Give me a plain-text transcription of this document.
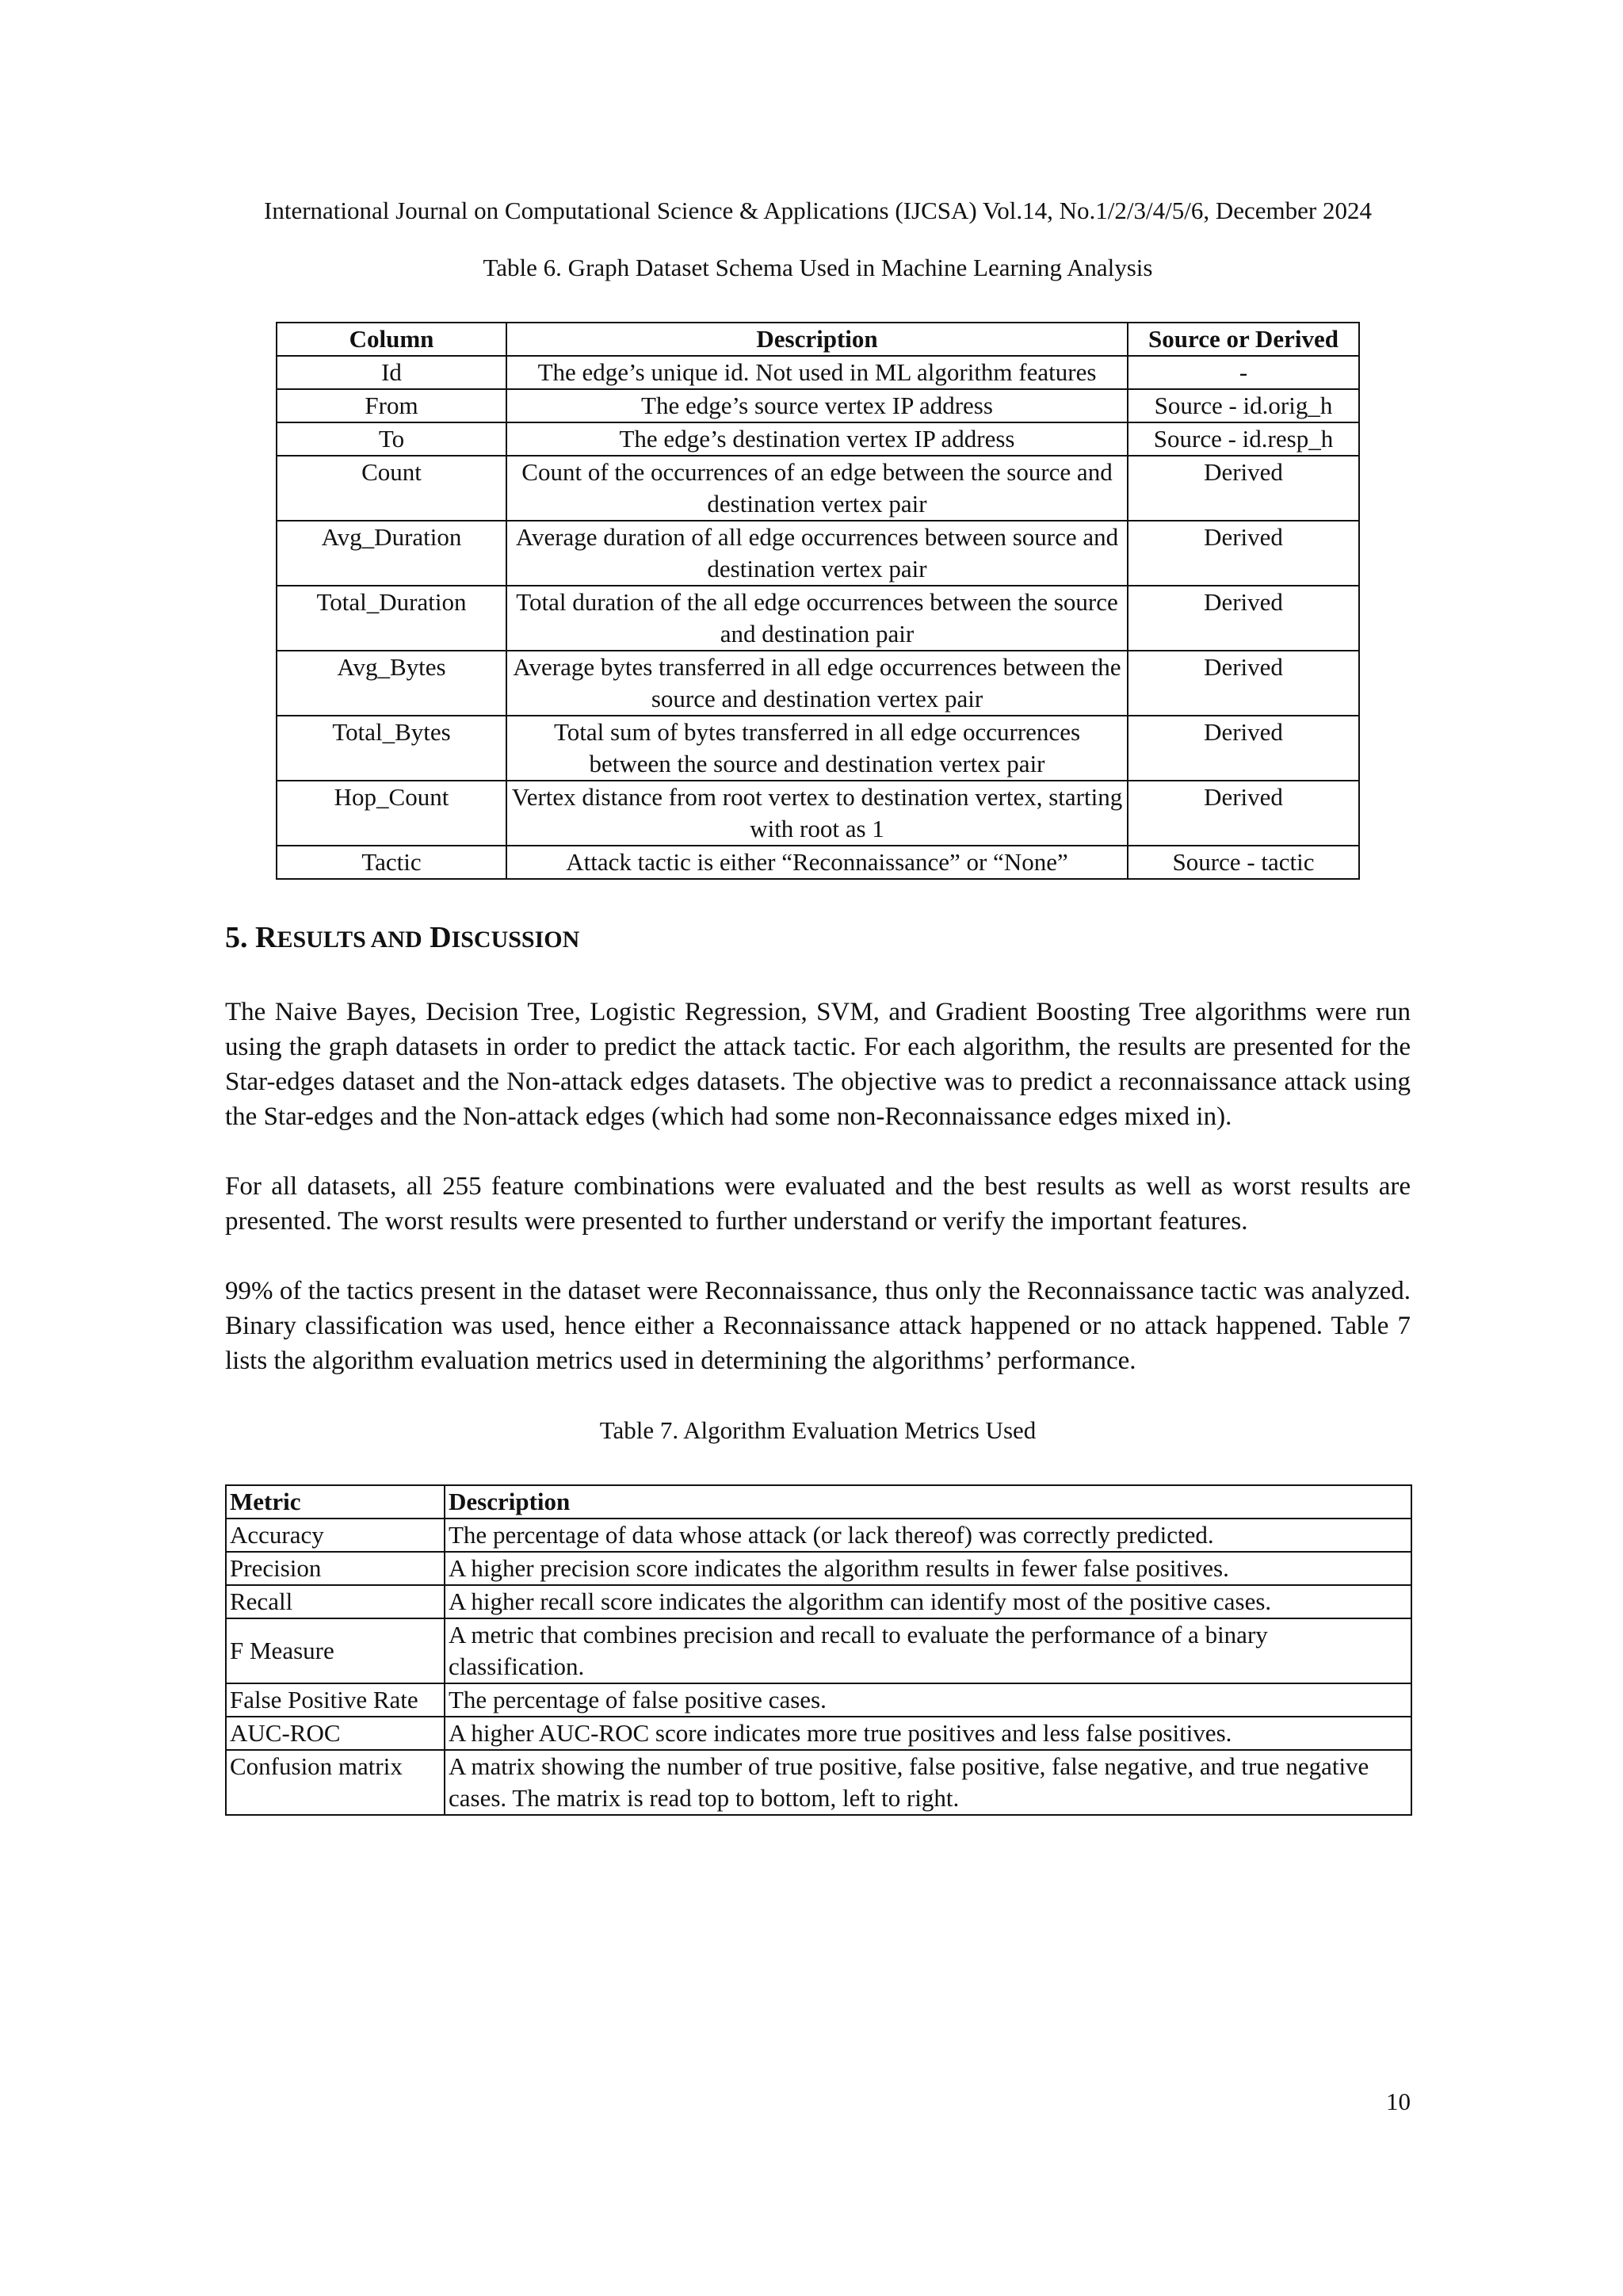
International Journal on Computational Science & Applications (IJCSA) Vol.14, No.1/2/3/4/5/6, December 2024
Table 6. Graph Dataset Schema Used in Machine Learning Analysis
Column	Description	Source or Derived
Id	The edge’s unique id. Not used in ML algorithm features	-
From	The edge’s source vertex IP address	Source - id.orig_h
To	The edge’s destination vertex IP address	Source - id.resp_h
Count	Count of the occurrences of an edge between the source and destination vertex pair	Derived
Avg_Duration	Average duration of all edge occurrences between source and destination vertex pair	Derived
Total_Duration	Total duration of the all edge occurrences between the source and destination pair	Derived
Avg_Bytes	Average bytes transferred in all edge occurrences between the source and destination vertex pair	Derived
Total_Bytes	Total sum of bytes transferred in all edge occurrences between the source and destination vertex pair	Derived
Hop_Count	Vertex distance from root vertex to destination vertex, starting with root as 1	Derived
Tactic	Attack tactic is either “Reconnaissance” or “None”	Source - tactic
5. RESULTS AND DISCUSSION

The Naive Bayes, Decision Tree, Logistic Regression, SVM, and Gradient Boosting Tree algorithms were run using the graph datasets in order to predict the attack tactic. For each algorithm, the results are presented for the Star-edges dataset and the Non-attack edges datasets. The objective was to predict a reconnaissance attack using the Star-edges and the Non-attack edges (which had some non-Reconnaissance edges mixed in).

For all datasets, all 255 feature combinations were evaluated and the best results as well as worst results are presented. The worst results were presented to further understand or verify the important features.

99% of the tactics present in the dataset were Reconnaissance, thus only the Reconnaissance tactic was analyzed. Binary classification was used, hence either a Reconnaissance attack happened or no attack happened. Table 7 lists the algorithm evaluation metrics used in determining the algorithms’ performance.

Table 7. Algorithm Evaluation Metrics Used
Metric	Description
Accuracy	The percentage of data whose attack (or lack thereof) was correctly predicted.
Precision	A higher precision score indicates the algorithm results in fewer false positives.
Recall	A higher recall score indicates the algorithm can identify most of the positive cases.
F Measure	A metric that combines precision and recall to evaluate the performance of a binary classification.
False Positive Rate	The percentage of false positive cases.
AUC-ROC	A higher AUC-ROC score indicates more true positives and less false positives.
Confusion matrix	A matrix showing the number of true positive, false positive, false negative, and true negative cases. The matrix is read top to bottom, left to right.
10
